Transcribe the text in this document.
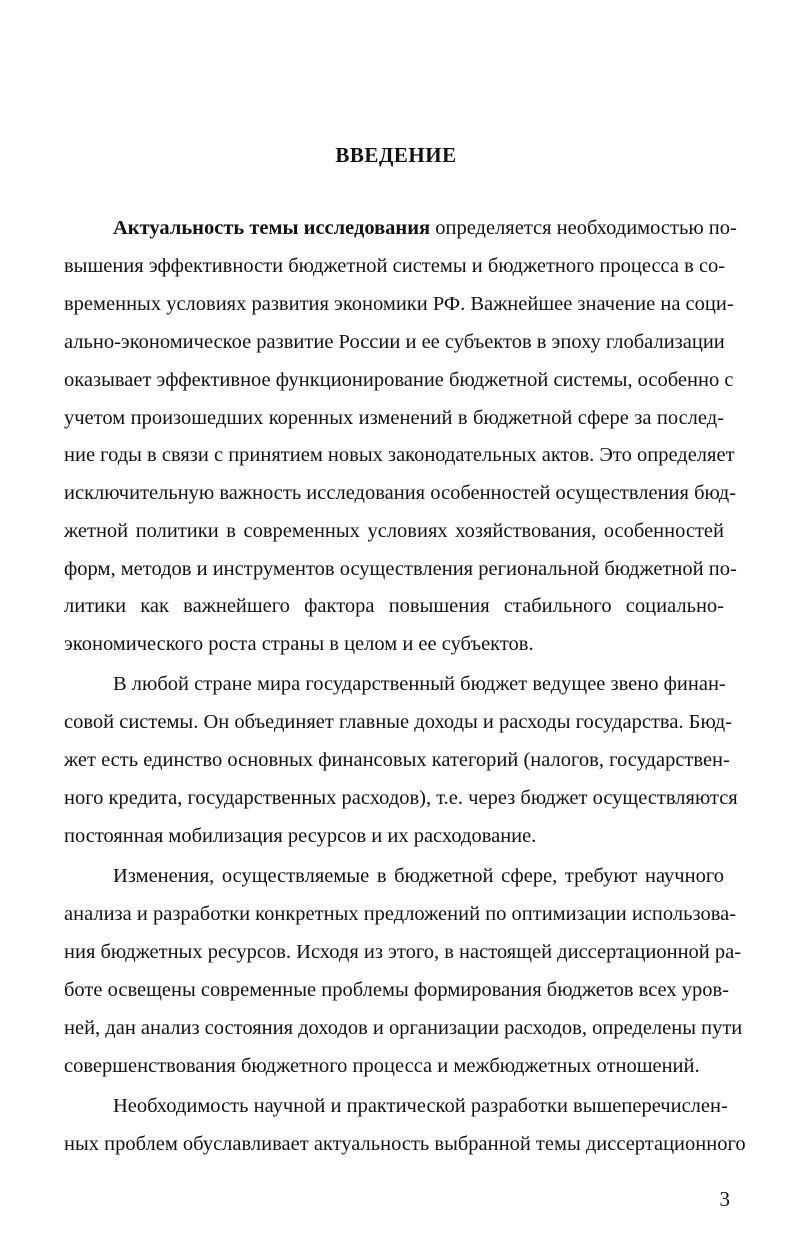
ВВЕДЕНИЕ

Актуальность темы исследования определяется необходимостью по-

вышения эффективности бюджетной системы и бюджетного процесса в со-

временных условиях развития экономики РФ. Важнейшее значение на соци-

ально-экономическое развитие России и ее субъектов в эпоху глобализации

оказывает эффективное функционирование бюджетной системы, особенно с

учетом произошедших коренных изменений в бюджетной сфере за послед-

ние годы в связи с принятием новых законодательных актов. Это определяет

исключительную важность исследования особенностей осуществления бюд-

жетной политики в современных условиях хозяйствования, особенностей

форм, методов и инструментов осуществления региональной бюджетной по-

литики как важнейшего фактора повышения стабильного социально-

экономического роста страны в целом и ее субъектов.

В любой стране мира государственный бюджет ведущее звено финан-

совой системы. Он объединяет главные доходы и расходы государства. Бюд-

жет есть единство основных финансовых категорий (налогов, государствен-

ного кредита, государственных расходов), т.е. через бюджет осуществляются

постоянная мобилизация ресурсов и их расходование.

Изменения, осуществляемые в бюджетной сфере, требуют научного

анализа и разработки конкретных предложений по оптимизации использова-

ния бюджетных ресурсов. Исходя из этого, в настоящей диссертационной ра-

боте освещены современные проблемы формирования бюджетов всех уров-

ней, дан анализ состояния доходов и организации расходов, определены пути

совершенствования бюджетного процесса и межбюджетных отношений.

Необходимость научной и практической разработки вышеперечислен-

ных проблем обуславливает актуальность выбранной темы диссертационного

3
